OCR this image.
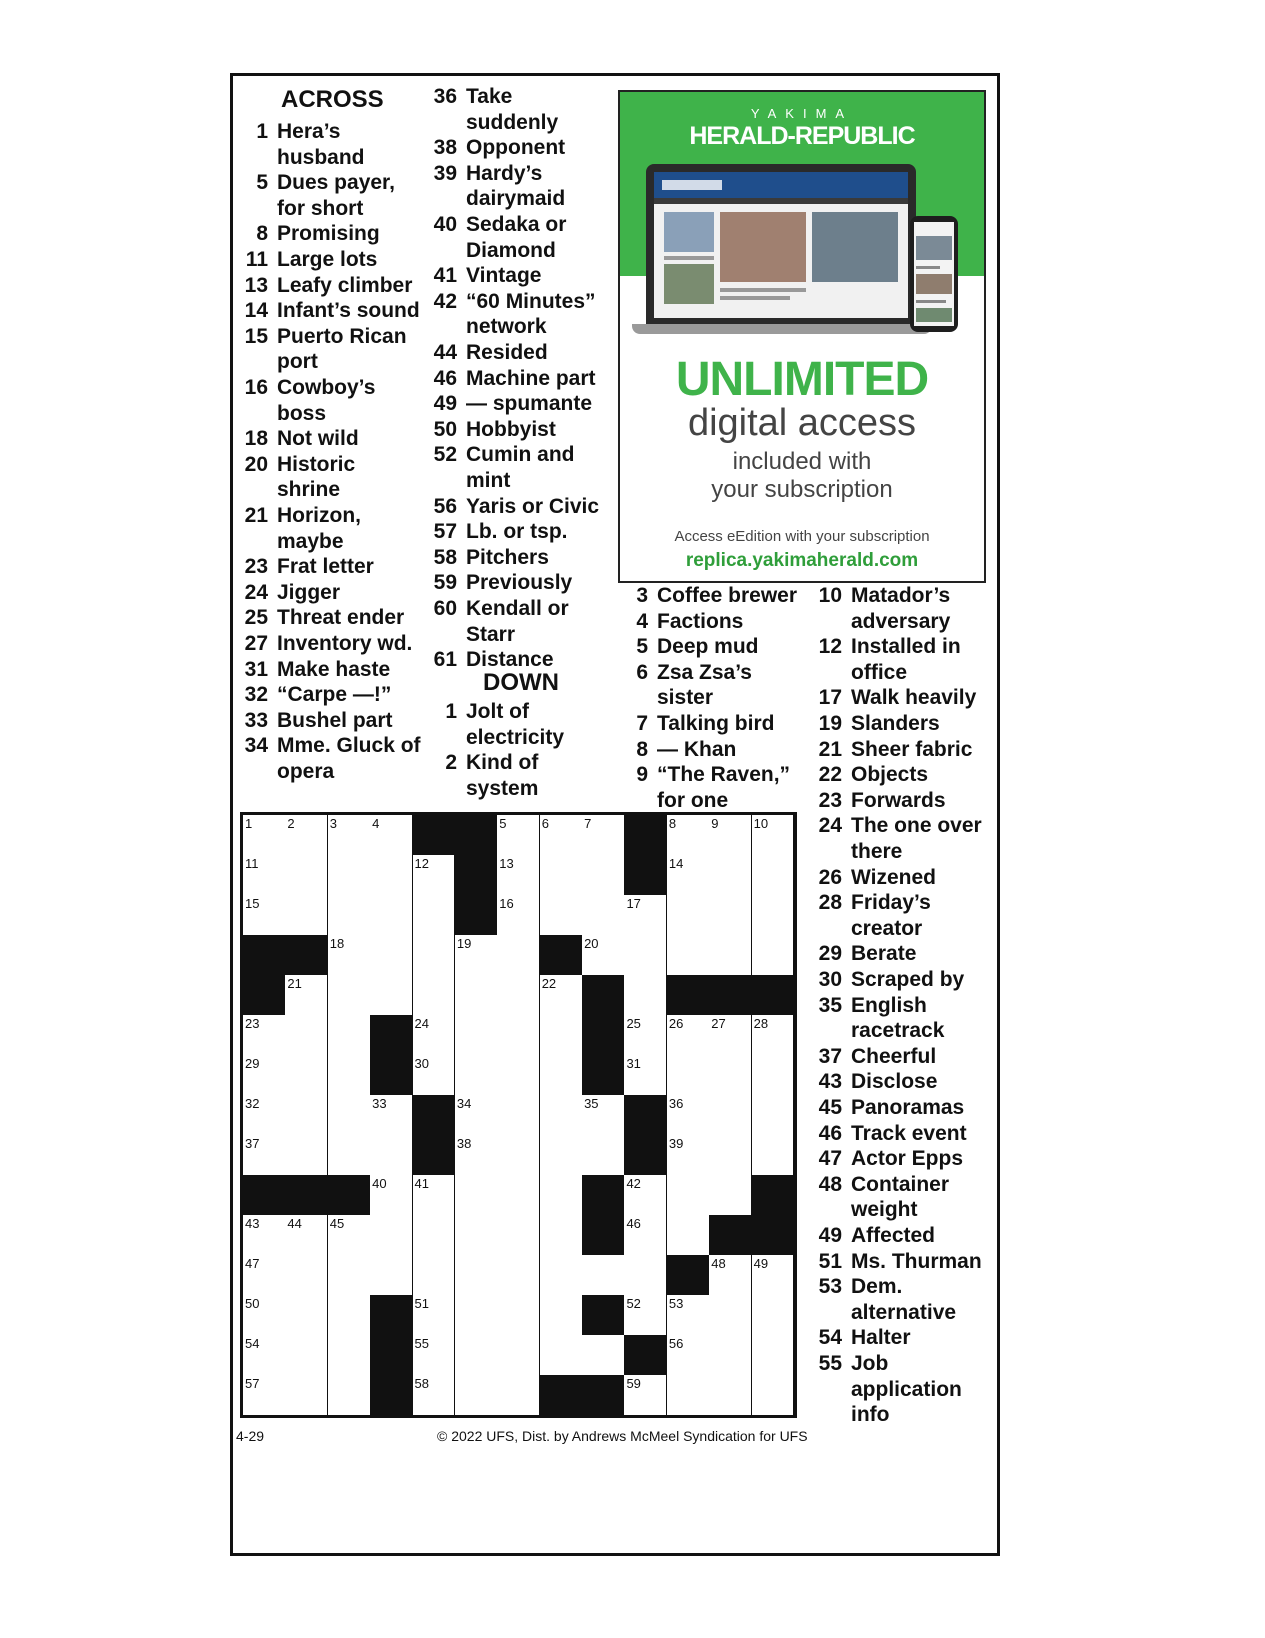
ACROSS
DOWN
1 Hera’s
husband
5 Dues payer,
for short
8 Promising
11 Large lots
13 Leafy climber
14 Infant’s sound
15 Puerto Rican
port
16 Cowboy’s
boss
18 Not wild
20 Historic
shrine
21 Horizon,
maybe
23 Frat letter
24 Jigger
25 Threat ender
27 Inventory wd.
31 Make haste
32 “Carpe —!”
33 Bushel part
34 Mme. Gluck of
opera
36 Take
suddenly
38 Opponent
39 Hardy’s
dairymaid
40 Sedaka or
Diamond
41 Vintage
42 “60 Minutes”
network
44 Resided
46 Machine part
49 — spumante
50 Hobbyist
52 Cumin and
mint
56 Yaris or Civic
57 Lb. or tsp.
58 Pitchers
59 Previously
60 Kendall or
Starr
61 Distance
1 Jolt of
electricity
2 Kind of
system
3 Coffee brewer
4 Factions
5 Deep mud
6 Zsa Zsa’s
sister
7 Talking bird
8 — Khan
9 “The Raven,”
for one
10 Matador’s
adversary
12 Installed in
office
17 Walk heavily
19 Slanders
21 Sheer fabric
22 Objects
23 Forwards
24 The one over
there
26 Wizened
28 Friday’s
creator
29 Berate
30 Scraped by
35 English
racetrack
37 Cheerful
43 Disclose
45 Panoramas
46 Track event
47 Actor Epps
48 Container
weight
49 Affected
51 Ms. Thurman
53 Dem.
alternative
54 Halter
55 Job
application
info
YAKIMA
HERALD-REPUBLIC
UNLIMITED
digital access
included with
your subscription
Access eEdition with your subscription
replica.yakimaherald.com
1	2	3	4	5	6	7	8	9	10
11	12	13	14
15	16	17
18	19	20
21	22
23	24	25 26 27 28
29	30	31
32	33	34	35	36
37	38	39
40 41	42
43 44 45	46
47	48 49
50	51	52 53
54	55	56
57	58	59
4-29	© 2022 UFS, Dist. by Andrews McMeel Syndication for UFS
